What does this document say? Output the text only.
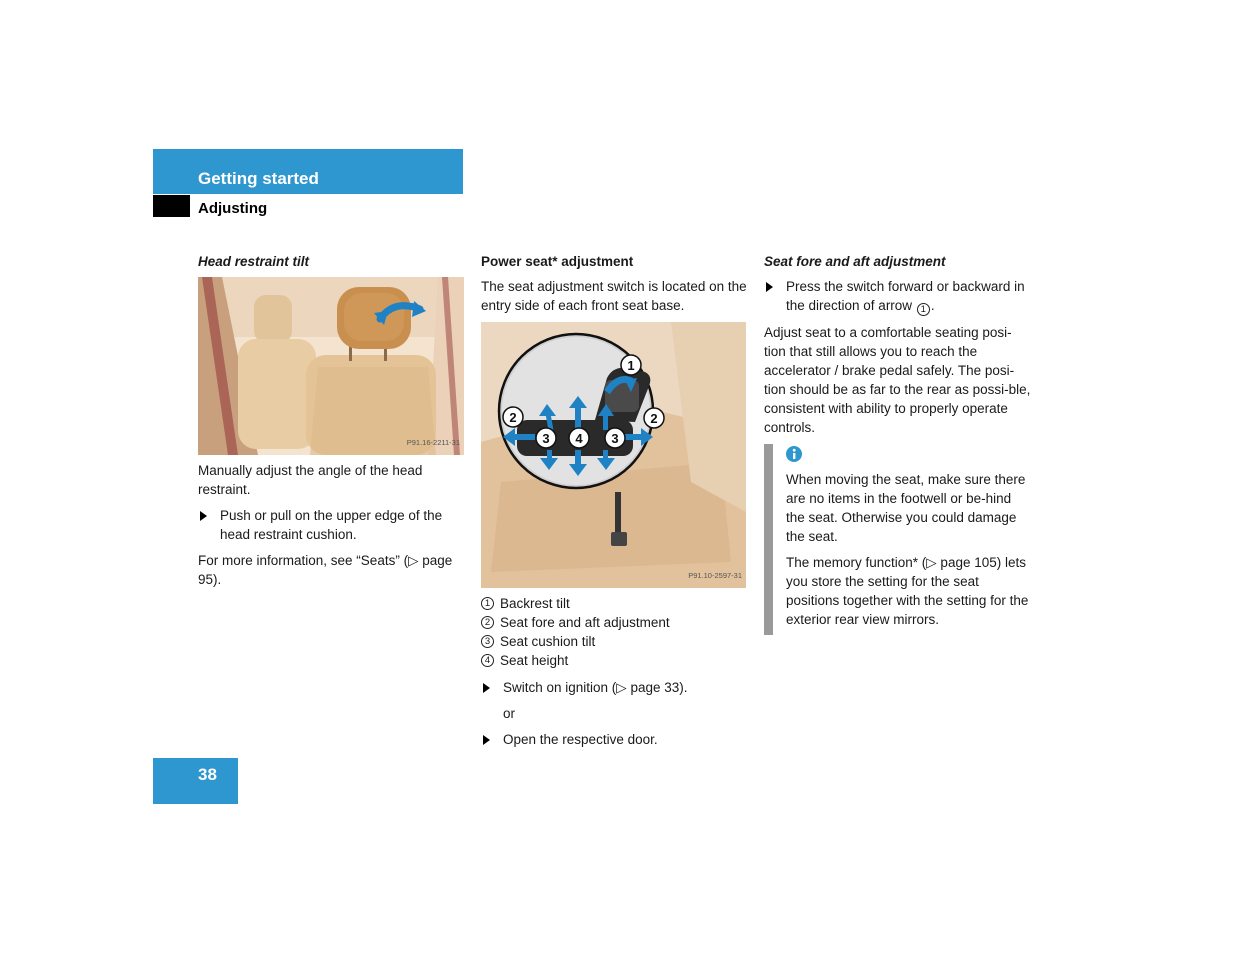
Getting started
Adjusting
Head restraint tilt
P91.16-2211-31

Manually adjust the angle of the head restraint.

Push or pull on the upper edge of the head restraint cushion.

For more information, see “Seats” (▷ page 95).

Power seat* adjustment

The seat adjustment switch is located on the entry side of each front seat base.

1
2	2
3 4 3
P91.10-2597-31
1 Backrest tilt
2 Seat fore and aft adjustment
3 Seat cushion tilt
4 Seat height
Switch on ignition (▷ page 33).
or
Open the respective door.
Seat fore and aft adjustment
Press the switch forward or backward in the direction of arrow 1 .

Adjust seat to a comfortable seating posi-tion that still allows you to reach the accelerator / brake pedal safely. The posi-tion should be as far to the rear as possi-ble, consistent with ability to properly operate controls.

When moving the seat, make sure there are no items in the footwell or be-hind the seat. Otherwise you could damage the seat.

The memory function* (▷ page 105) lets you store the setting for the seat positions together with the setting for the exterior rear view mirrors.

38
